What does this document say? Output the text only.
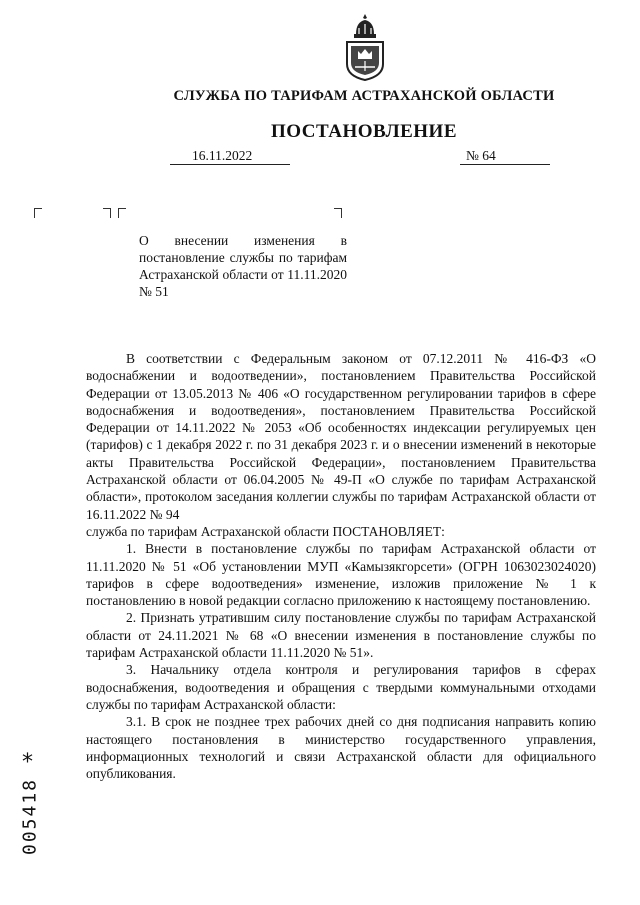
СЛУЖБА ПО ТАРИФАМ АСТРАХАНСКОЙ ОБЛАСТИ
ПОСТАНОВЛЕНИЕ
16.11.2022	№ 64
О внесении изменения в постановление службы по тарифам Астраханской области от 11.11.2020 № 51

В соответствии с Федеральным законом от 07.12.2011 № 416-ФЗ «О водоснабжении и водоотведении», постановлением Правительства Российской Федерации от 13.05.2013 № 406 «О государственном регулировании тарифов в сфере водоснабжения и водоотведения», постановлением Правительства Российской Федерации от 14.11.2022 № 2053 «Об особенностях индексации регулируемых цен (тарифов) с 1 декабря 2022 г. по 31 декабря 2023 г. и о внесении изменений в некоторые акты Правительства Российской Федерации», постановлением Правительства Астраханской области от 06.04.2005 № 49-П «О службе по тарифам Астраханской области», протоколом заседания коллегии службы по тарифам Астраханской области от 16.11.2022 № 94

служба по тарифам Астраханской области ПОСТАНОВЛЯЕТ:

1. Внести в постановление службы по тарифам Астраханской области от 11.11.2020 № 51 «Об установлении МУП «Камызякгорсети» (ОГРН 1063023024020) тарифов в сфере водоотведения» изменение, изложив приложение № 1 к постановлению в новой редакции согласно приложению к настоящему постановлению.

2. Признать утратившим силу постановление службы по тарифам Астраханской области от 24.11.2021 № 68 «О внесении изменения в постановление службы по тарифам Астраханской области 11.11.2020 № 51».

3. Начальнику отдела контроля и регулирования тарифов в сферах водоснабжения, водоотведения и обращения с твердыми коммунальными отходами службы по тарифам Астраханской области:

3.1. В срок не позднее трех рабочих дней со дня подписания направить копию настоящего постановления в министерство государственного управления, информационных технологий и связи Астраханской области для официального опубликования.

*
005418
